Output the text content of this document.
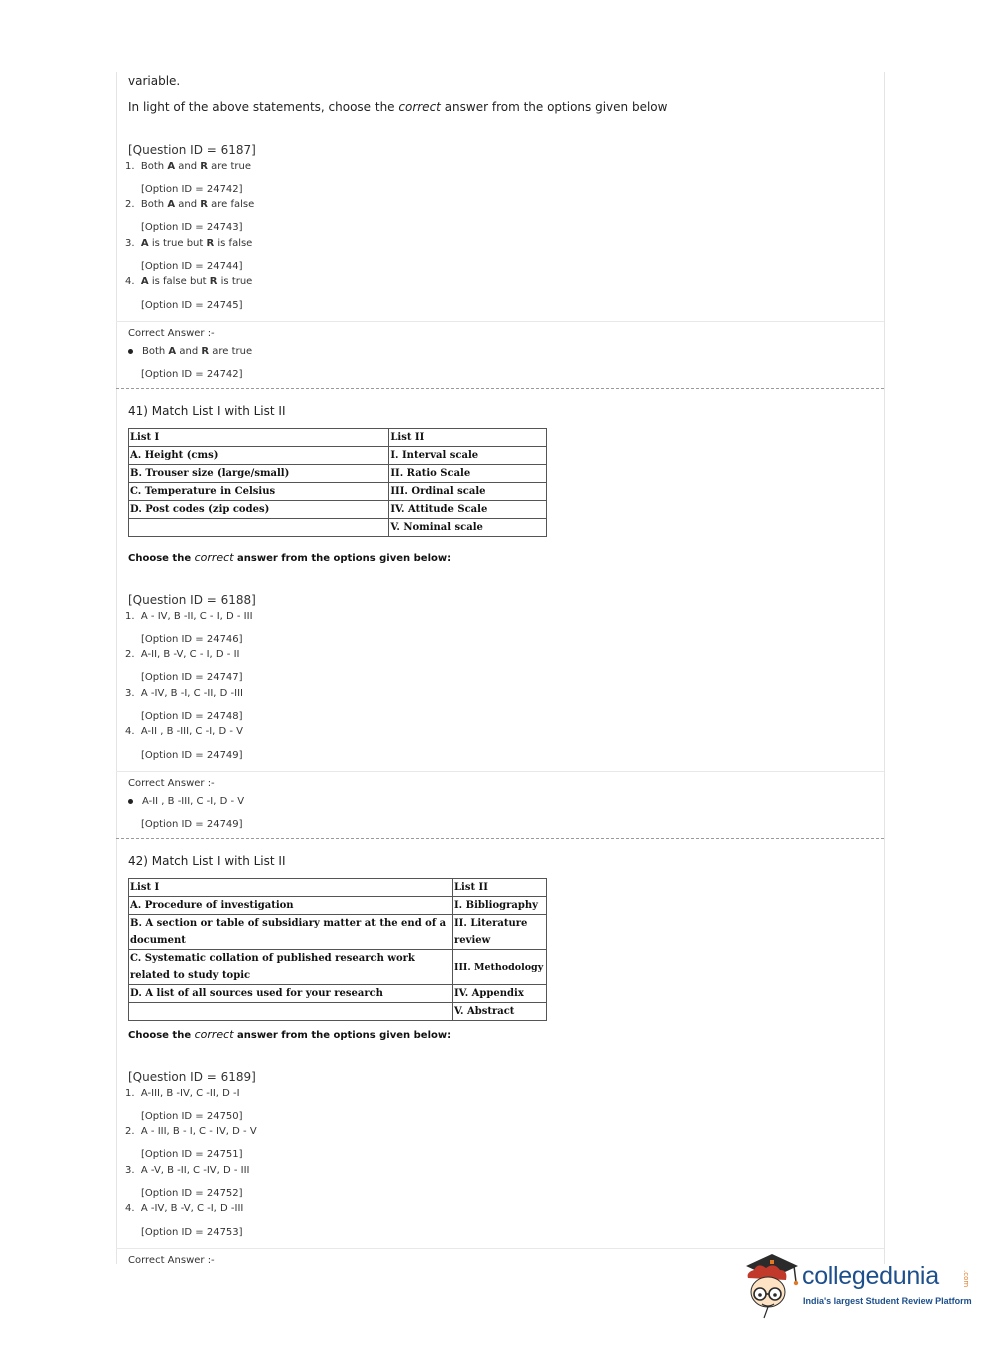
variable.
In light of the above statements, choose the correct answer from the options given below
[Question ID = 6187]
1. Both A and R are true
[Option ID = 24742]
2. Both A and R are false
[Option ID = 24743]
3. A is true but R is false
[Option ID = 24744]
4. A is false but R is true
[Option ID = 24745]
Correct Answer :-
Both A and R are true
[Option ID = 24742]
41) Match List I with List II
List I	List II
A. Height (cms)	I. Interval scale
B. Trouser size (large/small)	II. Ratio Scale
C. Temperature in Celsius	III. Ordinal scale
D. Post codes (zip codes)	IV. Attitude Scale
	V. Nominal scale
Choose the correct answer from the options given below:
[Question ID = 6188]
1. A - IV, B -II, C - I, D - III
[Option ID = 24746]
2. A-II, B -V, C - I, D - II
[Option ID = 24747]
3. A -IV, B -I, C -II, D -III
[Option ID = 24748]
4. A-II , B -III, C -I, D - V
[Option ID = 24749]
Correct Answer :-
A-II , B -III, C -I, D - V
[Option ID = 24749]
42) Match List I with List II
List I	List II
A. Procedure of investigation	I. Bibliography
B. A section or table of subsidiary matter at the end of a document	II. Literature review
C. Systematic collation of published research work related to study topic	III. Methodology
D. A list of all sources used for your research	IV. Appendix
	V. Abstract
Choose the correct answer from the options given below:
[Question ID = 6189]
1. A-III, B -IV, C -II, D -I
[Option ID = 24750]
2. A - III, B - I, C - IV, D - V
[Option ID = 24751]
3. A -V, B -II, C -IV, D - III
[Option ID = 24752]
4. A -IV, B -V, C -I, D -III
[Option ID = 24753]
Correct Answer :-
collegedunia	.com
India's largest Student Review Platform
